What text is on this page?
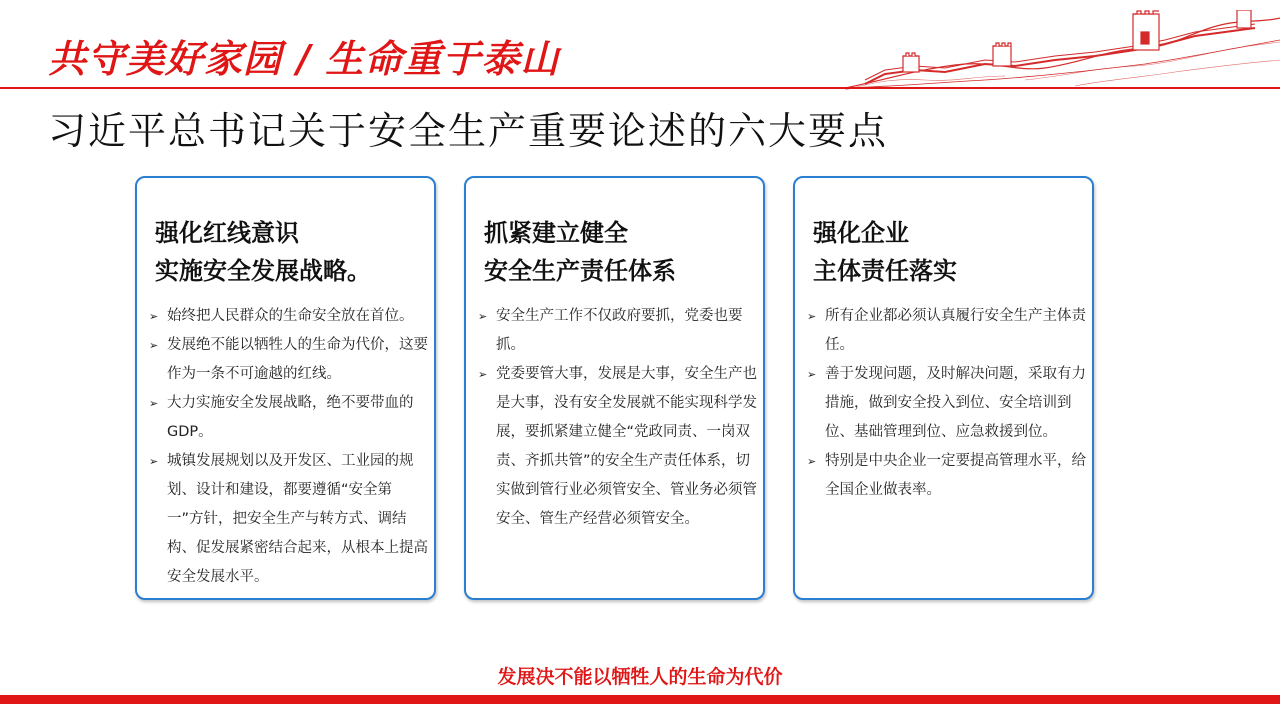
共守美好家园 / 生命重于泰山
习近平总书记关于安全生产重要论述的六大要点
强化红线意识
实施安全发展战略。
➢ 始终把人民群众的生命安全放在首位。
➢ 发展绝不能以牺牲人的生命为代价，这要作为一条不可逾越的红线。
➢ 大力实施安全发展战略，绝不要带血的GDP。
➢ 城镇发展规划以及开发区、工业园的规划、设计和建设，都要遵循“安全第一”方针，把安全生产与转方式、调结构、促发展紧密结合起来，从根本上提高安全发展水平。
抓紧建立健全
安全生产责任体系
➢ 安全生产工作不仅政府要抓，党委也要抓。
➢ 党委要管大事，发展是大事，安全生产也是大事，没有安全发展就不能实现科学发展，要抓紧建立健全“党政同责、一岗双责、齐抓共管”的安全生产责任体系，切实做到管行业必须管安全、管业务必须管安全、管生产经营必须管安全。
强化企业
主体责任落实
➢ 所有企业都必须认真履行安全生产主体责任。
➢ 善于发现问题，及时解决问题，采取有力措施，做到安全投入到位、安全培训到位、基础管理到位、应急救援到位。
➢ 特别是中央企业一定要提高管理水平，给全国企业做表率。
发展决不能以牺牲人的生命为代价
